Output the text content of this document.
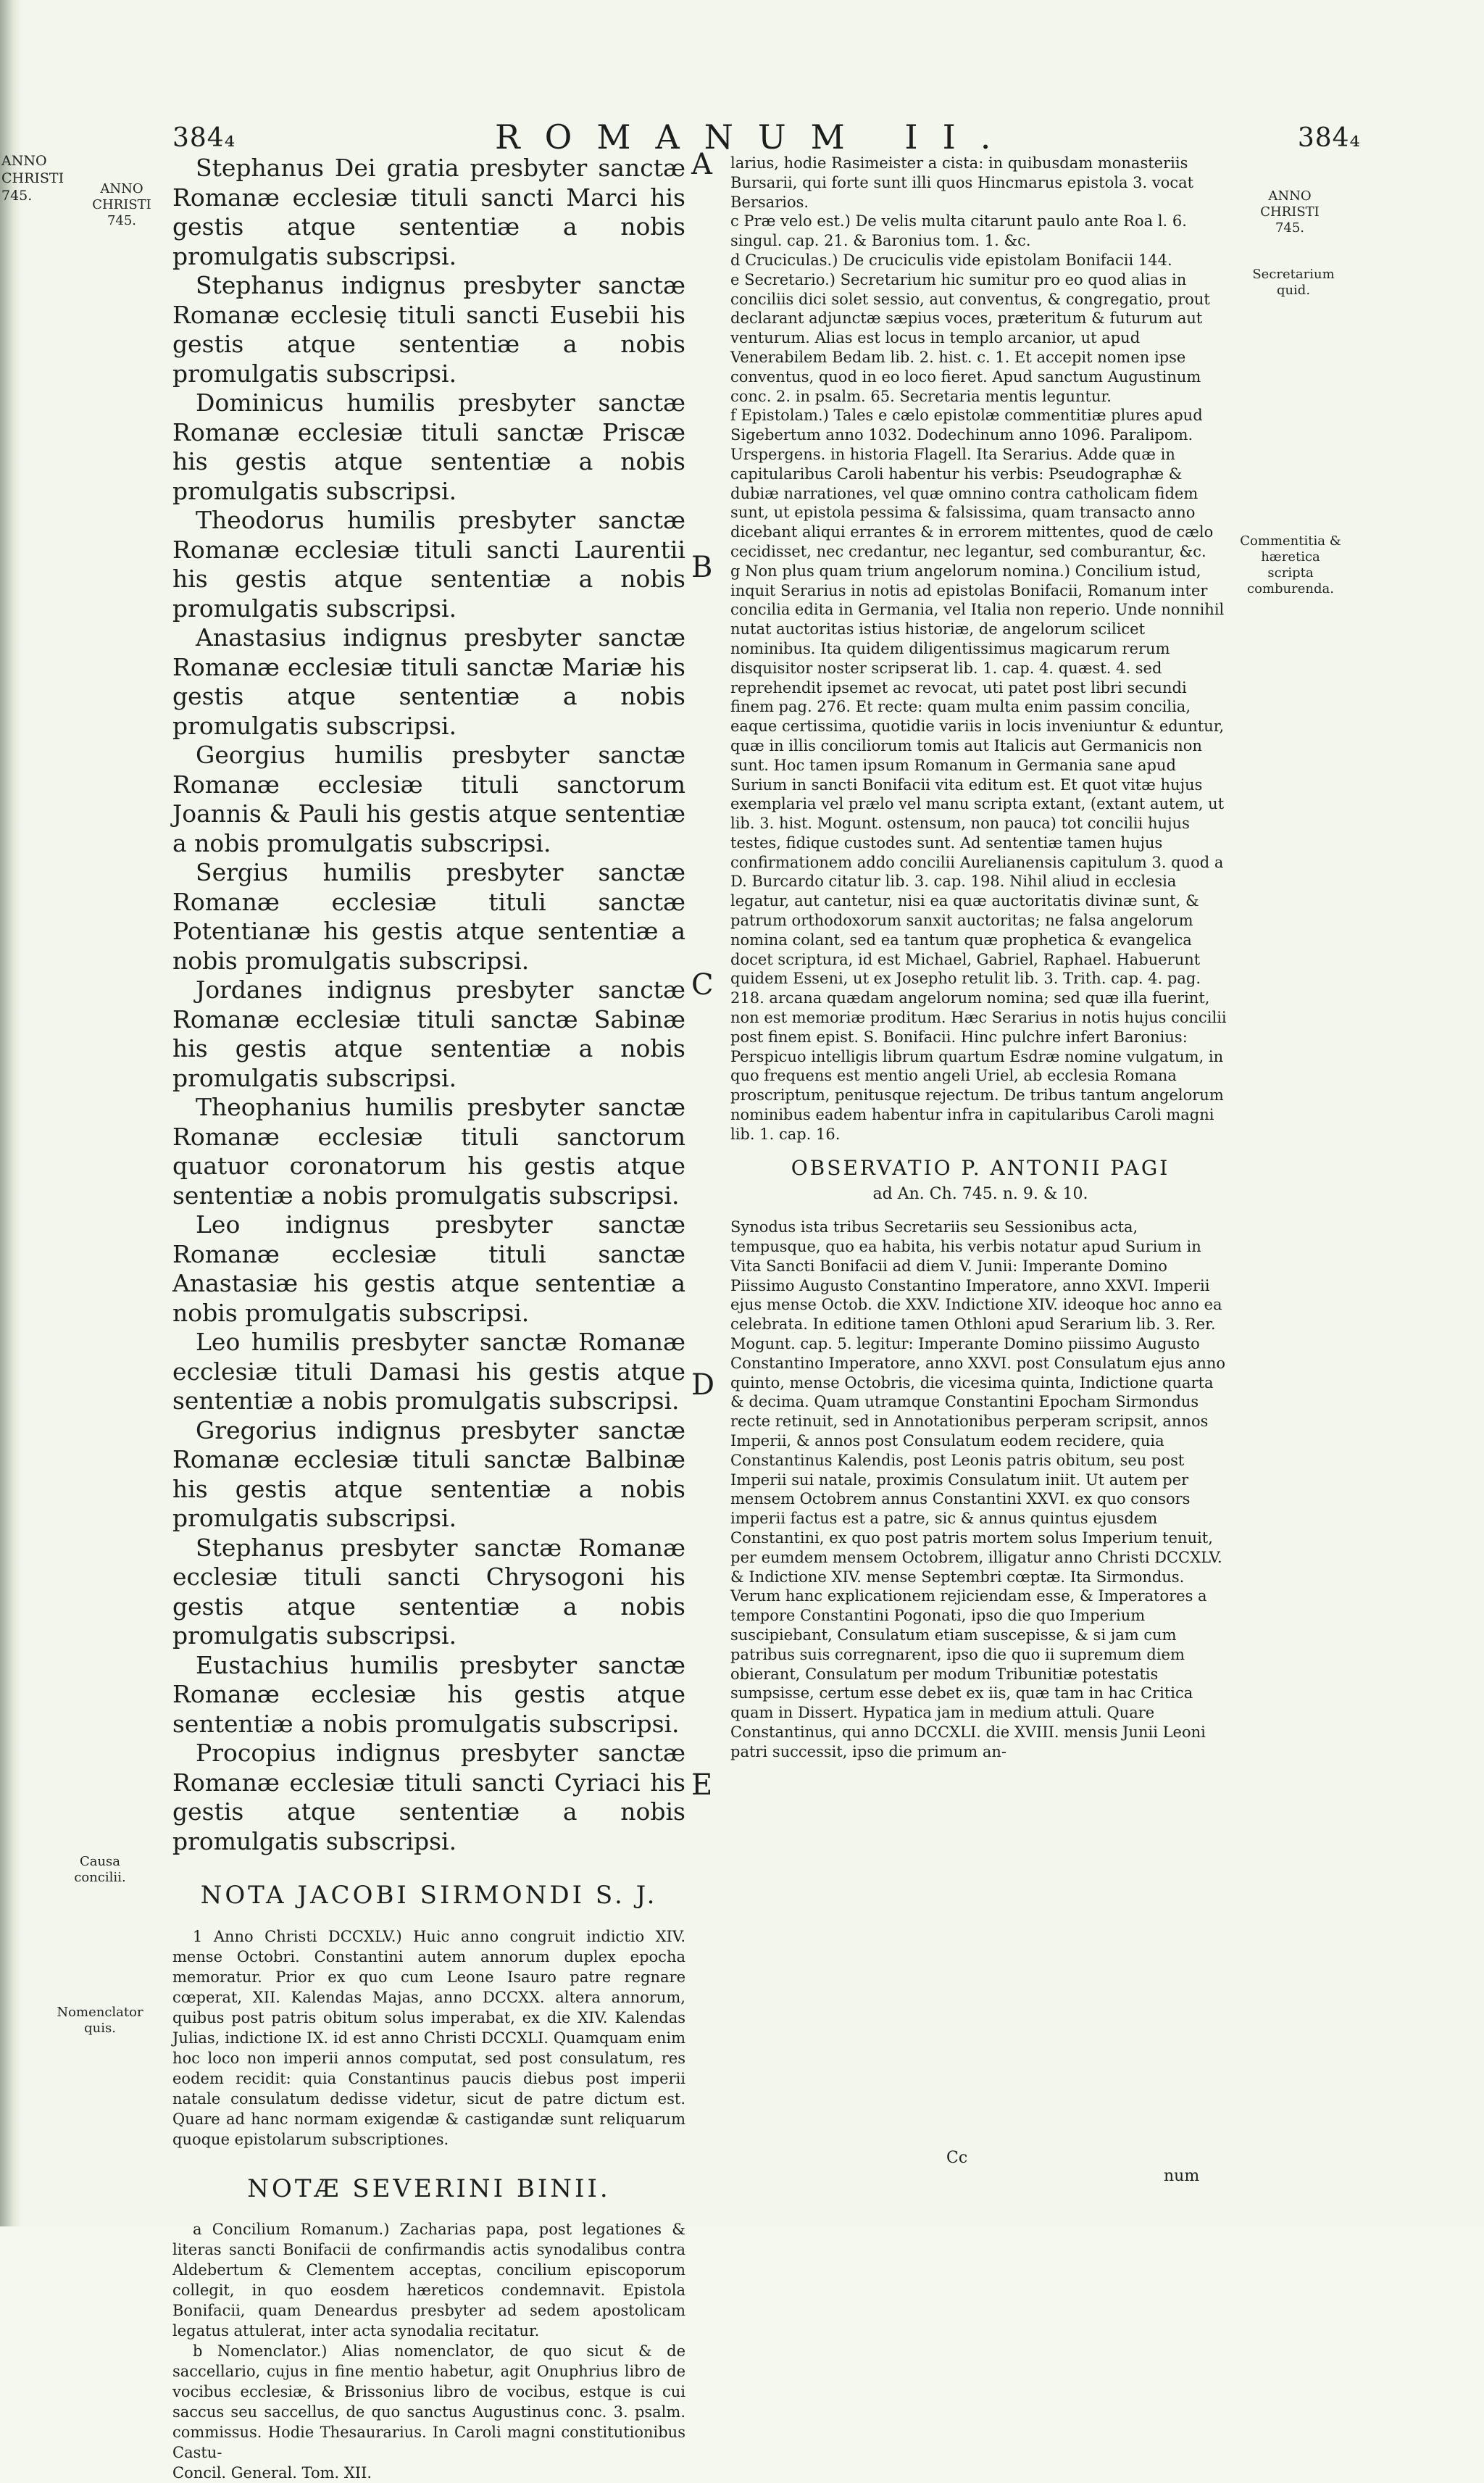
ANNO CHRISTI 745.
384₄	ROMANUM II.	384₄
ANNO CHRISTI 745.
ANNO CHRISTI 745.
Secretarium quid.
Commentitia & hæretica scripta comburenda.
Causa concilii.
Nomenclator quis.
A
B
C
D
E

Stephanus Dei gratia presbyter sanctæ Romanæ ecclesiæ tituli sancti Marci his gestis atque sententiæ a nobis promulgatis subscripsi.

Stephanus indignus presbyter sanctæ Romanæ ecclesię tituli sancti Eusebii his gestis atque sententiæ a nobis promulgatis subscripsi.

Dominicus humilis presbyter sanctæ Romanæ ecclesiæ tituli sanctæ Priscæ his gestis atque sententiæ a nobis promulgatis subscripsi.

Theodorus humilis presbyter sanctæ Romanæ ecclesiæ tituli sancti Laurentii his gestis atque sententiæ a nobis promulgatis subscripsi.

Anastasius indignus presbyter sanctæ Romanæ ecclesiæ tituli sanctæ Mariæ his gestis atque sententiæ a nobis promulgatis subscripsi.

Georgius humilis presbyter sanctæ Romanæ ecclesiæ tituli sanctorum Joannis & Pauli his gestis atque sententiæ a nobis promulgatis subscripsi.

Sergius humilis presbyter sanctæ Romanæ ecclesiæ tituli sanctæ Potentianæ his gestis atque sententiæ a nobis promulgatis subscripsi.

Jordanes indignus presbyter sanctæ Romanæ ecclesiæ tituli sanctæ Sabinæ his gestis atque sententiæ a nobis promulgatis subscripsi.

Theophanius humilis presbyter sanctæ Romanæ ecclesiæ tituli sanctorum quatuor coronatorum his gestis atque sententiæ a nobis promulgatis subscripsi.

Leo indignus presbyter sanctæ Romanæ ecclesiæ tituli sanctæ Anastasiæ his gestis atque sententiæ a nobis promulgatis subscripsi.

Leo humilis presbyter sanctæ Romanæ ecclesiæ tituli Damasi his gestis atque sententiæ a nobis promulgatis subscripsi.

Gregorius indignus presbyter sanctæ Romanæ ecclesiæ tituli sanctæ Balbinæ his gestis atque sententiæ a nobis promulgatis subscripsi.

Stephanus presbyter sanctæ Romanæ ecclesiæ tituli sancti Chrysogoni his gestis atque sententiæ a nobis promulgatis subscripsi.

Eustachius humilis presbyter sanctæ Romanæ ecclesiæ his gestis atque sententiæ a nobis promulgatis subscripsi.

Procopius indignus presbyter sanctæ Romanæ ecclesiæ tituli sancti Cyriaci his gestis atque sententiæ a nobis promulgatis subscripsi.

NOTA JACOBI SIRMONDI S. J.

1 Anno Christi DCCXLV.) Huic anno congruit indictio XIV. mense Octobri. Constantini autem annorum duplex epocha memoratur. Prior ex quo cum Leone Isauro patre regnare cœperat, XII. Kalendas Majas, anno DCCXX. altera annorum, quibus post patris obitum solus imperabat, ex die XIV. Kalendas Julias, indictione IX. id est anno Christi DCCXLI. Quamquam enim hoc loco non imperii annos computat, sed post consulatum, res eodem recidit: quia Constantinus paucis diebus post imperii natale consulatum dedisse videtur, sicut de patre dictum est. Quare ad hanc normam exigendæ & castigandæ sunt reliquarum quoque epistolarum subscriptiones.

NOTÆ SEVERINI BINII.

a Concilium Romanum.) Zacharias papa, post legationes & literas sancti Bonifacii de confirmandis actis synodalibus contra Aldebertum & Clementem acceptas, concilium episcoporum collegit, in quo eosdem hæreticos condemnavit. Epistola Bonifacii, quam Deneardus presbyter ad sedem apostolicam legatus attulerat, inter acta synodalia recitatur.

b Nomenclator.) Alias nomenclator, de quo sicut & de saccellario, cujus in fine mentio habetur, agit Onuphrius libro de vocibus ecclesiæ, & Brissonius libro de vocibus, estque is cui saccus seu saccellus, de quo sanctus Augustinus conc. 3. psalm. commissus. Hodie Thesaurarius. In Caroli magni constitutionibus Castu-

Concil. General. Tom. XII.

larius, hodie Rasimeister a cista: in quibusdam monasteriis Bursarii, qui forte sunt illi quos Hincmarus epistola 3. vocat Bersarios.

c Præ velo est.) De velis multa citarunt paulo ante Roa l. 6. singul. cap. 21. & Baronius tom. 1. &c.

d Cruciculas.) De cruciculis vide epistolam Bonifacii 144.

e Secretario.) Secretarium hic sumitur pro eo quod alias in conciliis dici solet sessio, aut conventus, & congregatio, prout declarant adjunctæ sæpius voces, præteritum & futurum aut venturum. Alias est locus in templo arcanior, ut apud Venerabilem Bedam lib. 2. hist. c. 1. Et accepit nomen ipse conventus, quod in eo loco fieret. Apud sanctum Augustinum conc. 2. in psalm. 65. Secretaria mentis leguntur.

f Epistolam.) Tales e cælo epistolæ commentitiæ plures apud Sigebertum anno 1032. Dodechinum anno 1096. Paralipom. Urspergens. in historia Flagell. Ita Serarius. Adde quæ in capitularibus Caroli habentur his verbis: Pseudographæ & dubiæ narrationes, vel quæ omnino contra catholicam fidem sunt, ut epistola pessima & falsissima, quam transacto anno dicebant aliqui errantes & in errorem mittentes, quod de cælo cecidisset, nec credantur, nec legantur, sed comburantur, &c.

g Non plus quam trium angelorum nomina.) Concilium istud, inquit Serarius in notis ad epistolas Bonifacii, Romanum inter concilia edita in Germania, vel Italia non reperio. Unde nonnihil nutat auctoritas istius historiæ, de angelorum scilicet nominibus. Ita quidem diligentissimus magicarum rerum disquisitor noster scripserat lib. 1. cap. 4. quæst. 4. sed reprehendit ipsemet ac revocat, uti patet post libri secundi finem pag. 276. Et recte: quam multa enim passim concilia, eaque certissima, quotidie variis in locis inveniuntur & eduntur, quæ in illis conciliorum tomis aut Italicis aut Germanicis non sunt. Hoc tamen ipsum Romanum in Germania sane apud Surium in sancti Bonifacii vita editum est. Et quot vitæ hujus exemplaria vel prælo vel manu scripta extant, (extant autem, ut lib. 3. hist. Mogunt. ostensum, non pauca) tot concilii hujus testes, fidique custodes sunt. Ad sententiæ tamen hujus confirmationem addo concilii Aurelianensis capitulum 3. quod a D. Burcardo citatur lib. 3. cap. 198. Nihil aliud in ecclesia legatur, aut cantetur, nisi ea quæ auctoritatis divinæ sunt, & patrum orthodoxorum sanxit auctoritas; ne falsa angelorum nomina colant, sed ea tantum quæ prophetica & evangelica docet scriptura, id est Michael, Gabriel, Raphael. Habuerunt quidem Esseni, ut ex Josepho retulit lib. 3. Trith. cap. 4. pag. 218. arcana quædam angelorum nomina; sed quæ illa fuerint, non est memoriæ proditum. Hæc Serarius in notis hujus concilii post finem epist. S. Bonifacii. Hinc pulchre infert Baronius: Perspicuo intelligis librum quartum Esdræ nomine vulgatum, in quo frequens est mentio angeli Uriel, ab ecclesia Romana proscriptum, penitusque rejectum. De tribus tantum angelorum nominibus eadem habentur infra in capitularibus Caroli magni lib. 1. cap. 16.

OBSERVATIO P. ANTONII PAGI
ad An. Ch. 745. n. 9. & 10.

Synodus ista tribus Secretariis seu Sessionibus acta, tempusque, quo ea habita, his verbis notatur apud Surium in Vita Sancti Bonifacii ad diem V. Junii: Imperante Domino Piissimo Augusto Constantino Imperatore, anno XXVI. Imperii ejus mense Octob. die XXV. Indictione XIV. ideoque hoc anno ea celebrata. In editione tamen Othloni apud Serarium lib. 3. Rer. Mogunt. cap. 5. legitur: Imperante Domino piissimo Augusto Constantino Imperatore, anno XXVI. post Consulatum ejus anno quinto, mense Octobris, die vicesima quinta, Indictione quarta & decima. Quam utramque Constantini Epocham Sirmondus recte retinuit, sed in Annotationibus perperam scripsit, annos Imperii, & annos post Consulatum eodem recidere, quia Constantinus Kalendis, post Leonis patris obitum, seu post Imperii sui natale, proximis Consulatum iniit. Ut autem per mensem Octobrem annus Constantini XXVI. ex quo consors imperii factus est a patre, sic & annus quintus ejusdem Constantini, ex quo post patris mortem solus Imperium tenuit, per eumdem mensem Octobrem, illigatur anno Christi DCCXLV. & Indictione XIV. mense Septembri cœptæ. Ita Sirmondus. Verum hanc explicationem rejiciendam esse, & Imperatores a tempore Constantini Pogonati, ipso die quo Imperium suscipiebant, Consulatum etiam suscepisse, & si jam cum patribus suis corregnarent, ipso die quo ii supremum diem obierant, Consulatum per modum Tribunitiæ potestatis sumpsisse, certum esse debet ex iis, quæ tam in hac Critica quam in Dissert. Hypatica jam in medium attuli. Quare Constantinus, qui anno DCCXLI. die XVIII. mensis Junii Leoni patri successit, ipso die primum an-

Cc
num
